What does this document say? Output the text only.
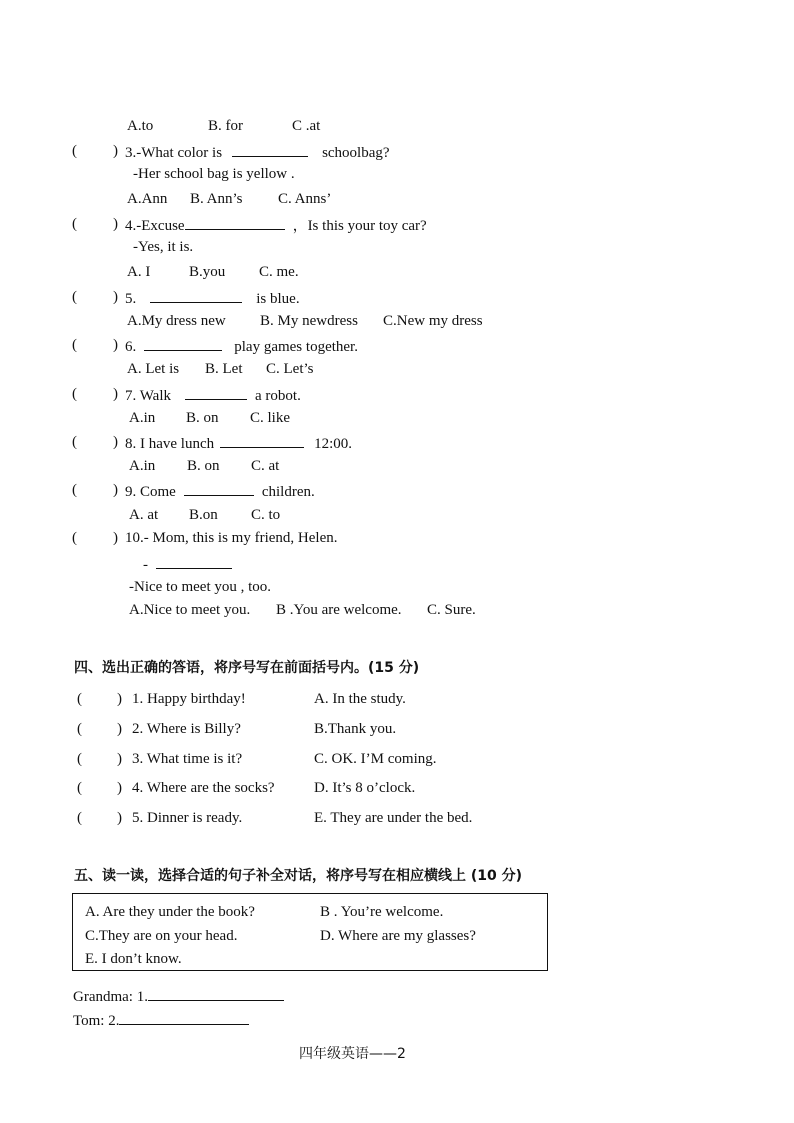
A.to	B. for	C .at
( ) 3.-What color is	schoolbag?
-Her school bag is yellow .
A.Ann B. Ann’s C. Anns’
( ) 4.-Excuse	，Is this your toy car?
-Yes, it is.
A. I	B.you C. me.
( ) 5.	is blue.
A.My dress new B. My newdress C.New my dress
( ) 6.	play games together.
A. Let is B. Let C. Let’s
( ) 7. Walk	a robot.
A.in B. on C. like
( ) 8. I have lunch	12:00.
A.in B. on C. at
( ) 9. Come	children.
A. at B.on C. to
( ) 10.- Mom, this is my friend, Helen.
-
-Nice to meet you , too.
A.Nice to meet you. B .You are welcome. C. Sure.
四、选出正确的答语，将序号写在前面括号内。(15 分)
( ) 1. Happy birthday!	A. In the study.
( ) 2. Where is Billy?	B.Thank you.
( ) 3. What time is it?	C. OK. I’M coming.
( ) 4. Where are the socks?	D. It’s 8 o’clock.
( ) 5. Dinner is ready.	E. They are under the bed.
五、读一读，选择合适的句子补全对话，将序号写在相应横线上 (10 分)
A. Are they under the book?	B . You’re welcome.
C.They are on your head.	D. Where are my glasses?
E. I don’t know.
Grandma: 1.
Tom: 2.
四年级英语——2
